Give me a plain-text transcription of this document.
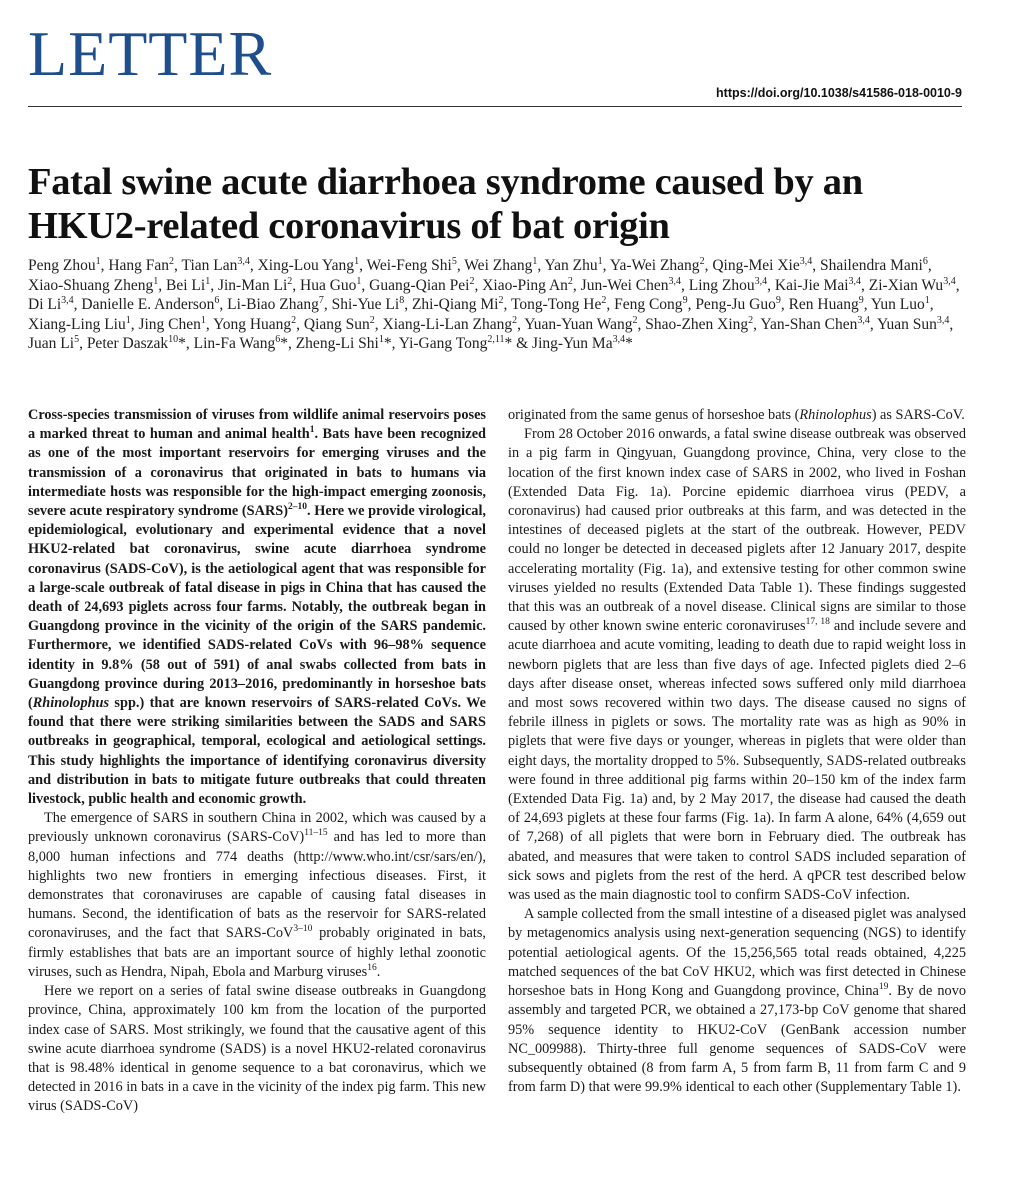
LETTER
https://doi.org/10.1038/s41586-018-0010-9
Fatal swine acute diarrhoea syndrome caused by an HKU2-related coronavirus of bat origin
Peng Zhou$^1$, Hang Fan$^2$, Tian Lan$^{3,4}$, Xing-Lou Yang$^1$, Wei-Feng Shi$^5$, Wei Zhang$^1$, Yan Zhu$^1$, Ya-Wei Zhang$^2$, Qing-Mei Xie$^{3,4}$, Shailendra Mani$^6$, Xiao-Shuang Zheng$^1$, Bei Li$^1$, Jin-Man Li$^2$, Hua Guo$^1$, Guang-Qian Pei$^2$, Xiao-Ping An$^2$, Jun-Wei Chen$^{3,4}$, Ling Zhou$^{3,4}$, Kai-Jie Mai$^{3,4}$, Zi-Xian Wu$^{3,4}$, Di Li$^{3,4}$, Danielle E. Anderson$^6$, Li-Biao Zhang$^7$, Shi-Yue Li$^8$, Zhi-Qiang Mi$^2$, Tong-Tong He$^2$, Feng Cong$^9$, Peng-Ju Guo$^9$, Ren Huang$^9$, Yun Luo$^1$, Xiang-Ling Liu$^1$, Jing Chen$^1$, Yong Huang$^2$, Qiang Sun$^2$, Xiang-Li-Lan Zhang$^2$, Yuan-Yuan Wang$^2$, Shao-Zhen Xing$^2$, Yan-Shan Chen$^{3,4}$, Yuan Sun$^{3,4}$, Juan Li$^5$, Peter Daszak$^{10}$*, Lin-Fa Wang$^6$*, Zheng-Li Shi$^1$*, Yi-Gang Tong$^{2,11}$* & Jing-Yun Ma$^{3,4}$*

Cross-species transmission of viruses from wildlife animal reservoirs poses a marked threat to human and animal health$^1$. Bats have been recognized as one of the most important reservoirs for emerging viruses and the transmission of a coronavirus that originated in bats to humans via intermediate hosts was responsible for the high-impact emerging zoonosis, severe acute respiratory syndrome (SARS)$^{2-10}$. Here we provide virological, epidemiological, evolutionary and experimental evidence that a novel HKU2-related bat coronavirus, swine acute diarrhoea syndrome coronavirus (SADS-CoV), is the aetiological agent that was responsible for a large-scale outbreak of fatal disease in pigs in China that has caused the death of 24,693 piglets across four farms. Notably, the outbreak began in Guangdong province in the vicinity of the origin of the SARS pandemic. Furthermore, we identified SADS-related CoVs with 96–98% sequence identity in 9.8% (58 out of 591) of anal swabs collected from bats in Guangdong province during 2013–2016, predominantly in horseshoe bats (Rhinolophus spp.) that are known reservoirs of SARS-related CoVs. We found that there were striking similarities between the SADS and SARS outbreaks in geographical, temporal, ecological and aetiological settings. This study highlights the importance of identifying coronavirus diversity and distribution in bats to mitigate future outbreaks that could threaten livestock, public health and economic growth.

The emergence of SARS in southern China in 2002, which was caused by a previously unknown coronavirus (SARS-CoV)$^{11-15}$ and has led to more than 8,000 human infections and 774 deaths (http://www.who.int/csr/sars/en/), highlights two new frontiers in emerging infectious diseases. First, it demonstrates that coronaviruses are capable of causing fatal diseases in humans. Second, the identification of bats as the reservoir for SARS-related coronaviruses, and the fact that SARS-CoV$^{3-10}$ probably originated in bats, firmly establishes that bats are an important source of highly lethal zoonotic viruses, such as Hendra, Nipah, Ebola and Marburg viruses$^{16}$.

Here we report on a series of fatal swine disease outbreaks in Guangdong province, China, approximately 100 km from the location of the purported index case of SARS. Most strikingly, we found that the causative agent of this swine acute diarrhoea syndrome (SADS) is a novel HKU2-related coronavirus that is 98.48% identical in genome sequence to a bat coronavirus, which we detected in 2016 in bats in a cave in the vicinity of the index pig farm. This new virus (SADS-CoV)

originated from the same genus of horseshoe bats (Rhinolophus) as SARS-CoV.

From 28 October 2016 onwards, a fatal swine disease outbreak was observed in a pig farm in Qingyuan, Guangdong province, China, very close to the location of the first known index case of SARS in 2002, who lived in Foshan (Extended Data Fig. 1a). Porcine epidemic diarrhoea virus (PEDV, a coronavirus) had caused prior outbreaks at this farm, and was detected in the intestines of deceased piglets at the start of the outbreak. However, PEDV could no longer be detected in deceased piglets after 12 January 2017, despite accelerating mortality (Fig. 1a), and extensive testing for other common swine viruses yielded no results (Extended Data Table 1). These findings suggested that this was an outbreak of a novel disease. Clinical signs are similar to those caused by other known swine enteric coronaviruses$^{17, 18}$ and include severe and acute diarrhoea and acute vomiting, leading to death due to rapid weight loss in newborn piglets that are less than five days of age. Infected piglets died 2–6 days after disease onset, whereas infected sows suffered only mild diarrhoea and most sows recovered within two days. The disease caused no signs of febrile illness in piglets or sows. The mortality rate was as high as 90% in piglets that were five days or younger, whereas in piglets that were older than eight days, the mortality dropped to 5%. Subsequently, SADS-related outbreaks were found in three additional pig farms within 20–150 km of the index farm (Extended Data Fig. 1a) and, by 2 May 2017, the disease had caused the death of 24,693 piglets at these four farms (Fig. 1a). In farm A alone, 64% (4,659 out of 7,268) of all piglets that were born in February died. The outbreak has abated, and measures that were taken to control SADS included separation of sick sows and piglets from the rest of the herd. A qPCR test described below was used as the main diagnostic tool to confirm SADS-CoV infection.

A sample collected from the small intestine of a diseased piglet was analysed by metagenomics analysis using next-generation sequencing (NGS) to identify potential aetiological agents. Of the 15,256,565 total reads obtained, 4,225 matched sequences of the bat CoV HKU2, which was first detected in Chinese horseshoe bats in Hong Kong and Guangdong province, China$^{19}$. By de novo assembly and targeted PCR, we obtained a 27,173-bp CoV genome that shared 95% sequence identity to HKU2-CoV (GenBank accession number NC_009988). Thirty-three full genome sequences of SADS-CoV were subsequently obtained (8 from farm A, 5 from farm B, 11 from farm C and 9 from farm D) that were 99.9% identical to each other (Supplementary Table 1).
